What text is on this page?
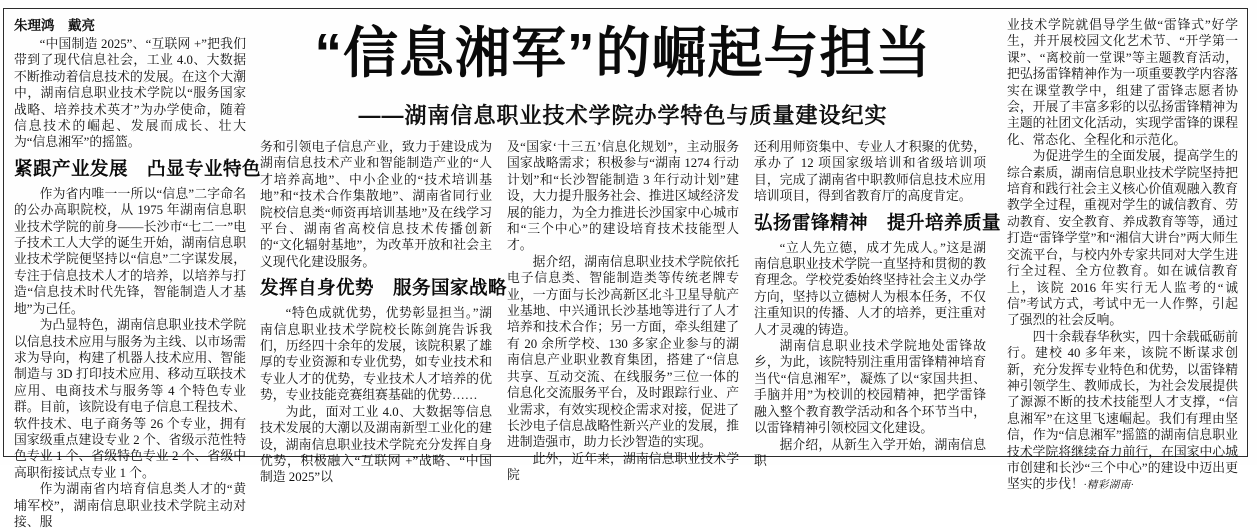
“信息湘军”的崛起与担当
——湖南信息职业技术学院办学特色与质量建设纪实

朱理鸿　戴亮

“中国制造 2025”、“互联网 +”把我们带到了现代信息社会，工业 4.0、大数据不断推动着信息技术的发展。在这个大潮中，湖南信息职业技术学院以“服务国家战略、培养技术英才”为办学使命，随着信息技术的崛起、发展而成长、壮大为“信息湘军”的摇篮。

紧跟产业发展　凸显专业特色

作为省内唯一一所以“信息”二字命名的公办高职院校，从 1975 年湖南信息职业技术学院的前身——长沙市“七二一”电子技术工人大学的诞生开始，湖南信息职业技术学院便坚持以“信息”二字谋发展，专注于信息技术人才的培养，以培养与打造“信息技术时代先锋，智能制造人才基地”为己任。

为凸显特色，湖南信息职业技术学院以信息技术应用与服务为主线、以市场需求为导向，构建了机器人技术应用、智能制造与 3D 打印技术应用、移动互联技术应用、电商技术与服务等 4 个特色专业群。目前，该院设有电子信息工程技术、软件技术、电子商务等 26 个专业，拥有国家级重点建设专业 2 个、省级示范性特色专业 1 个、省级特色专业 2 个、省级中高职衔接试点专业 1 个。

作为湖南省内培育信息类人才的“黄埔军校”，湖南信息职业技术学院主动对接、服

务和引领电子信息产业，致力于建设成为湖南信息技术产业和智能制造产业的“人才培养高地”、中小企业的“技术培训基地”和“技术合作集散地”、湖南省同行业院校信息类“师资再培训基地”及在线学习平台、湖南省高校信息技术传播创新的“文化辐射基地”，为改革开放和社会主义现代化建设服务。

发挥自身优势　服务国家战略

“特色成就优势，优势彰显担当。”湖南信息职业技术学院校长陈剑旄告诉我们，历经四十余年的发展，该院积累了雄厚的专业资源和专业优势，如专业技术和专业人才的优势，专业技术人才培养的优势，专业技能竞赛组赛基础的优势……

为此，面对工业 4.0、大数据等信息技术发展的大潮以及湖南新型工业化的建设，湖南信息职业技术学院充分发挥自身优势，积极融入“互联网 +”战略、“中国制造 2025”以

及“国家‘十三五’信息化规划”，主动服务国家战略需求；积极参与“湖南 1274 行动计划”和“长沙智能制造 3 年行动计划”建设，大力提升服务社会、推进区域经济发展的能力，为全力推进长沙国家中心城市和“三个中心”的建设培育技术技能型人才。

据介绍，湖南信息职业技术学院依托电子信息类、智能制造类等传统老牌专业，一方面与长沙高新区北斗卫星导航产业基地、中兴通讯长沙基地等进行了人才培养和技术合作；另一方面，牵头组建了有 20 余所学校、130 多家企业参与的湖南信息产业职业教育集团，搭建了“信息共享、互动交流、在线服务”三位一体的信息化交流服务平台，及时跟踪行业、产业需求，有效实现校企需求对接，促进了长沙电子信息战略性新兴产业的发展，推进制造强市，助力长沙智造的实现。

此外，近年来，湖南信息职业技术学院

还利用师资集中、专业人才积聚的优势，承办了 12 项国家级培训和省级培训项目，完成了湖南省中职教师信息技术应用培训项目，得到省教育厅的高度肯定。

弘扬雷锋精神　提升培养质量

“立人先立德，成才先成人。”这是湖南信息职业技术学院一直坚持和贯彻的教育理念。学校党委始终坚持社会主义办学方向，坚持以立德树人为根本任务，不仅注重知识的传播、人才的培养，更注重对人才灵魂的铸造。

湖南信息职业技术学院地处雷锋故乡，为此，该院特别注重用雷锋精神培育当代“信息湘军”，凝炼了以“家国共担、手脑并用”为校训的校园精神，把学雷锋融入整个教育教学活动和各个环节当中，以雷锋精神引领校园文化建设。

据介绍，从新生入学开始，湖南信息职

业技术学院就倡导学生做“雷锋式”好学生，并开展校园文化艺术节、“开学第一课”、“离校前一堂课”等主题教育活动，把弘扬雷锋精神作为一项重要教学内容落实在课堂教学中，组建了雷锋志愿者协会，开展了丰富多彩的以弘扬雷锋精神为主题的社团文化活动，实现学雷锋的课程化、常态化、全程化和示范化。

为促进学生的全面发展，提高学生的综合素质，湖南信息职业技术学院坚持把培育和践行社会主义核心价值观融入教育教学全过程，重视对学生的诚信教育、劳动教育、安全教育、养成教育等等，通过打造“雷锋学堂”和“湘信大讲台”两大师生交流平台，与校内外专家共同对大学生进行全过程、全方位教育。如在诚信教育上，该院 2016 年实行无人监考的“诚信”考试方式，考试中无一人作弊，引起了强烈的社会反响。

四十余载春华秋实，四十余载砥砺前行。建校 40 多年来，该院不断谋求创新，充分发挥专业特色和优势，以雷锋精神引领学生、教师成长，为社会发展提供了源源不断的技术技能型人才支撑，“信息湘军”在这里飞速崛起。我们有理由坚信，作为“信息湘军”摇篮的湖南信息职业技术学院将继续奋力前行，在国家中心城市创建和长沙“三个中心”的建设中迈出更坚实的步伐！·精彩湖南·
